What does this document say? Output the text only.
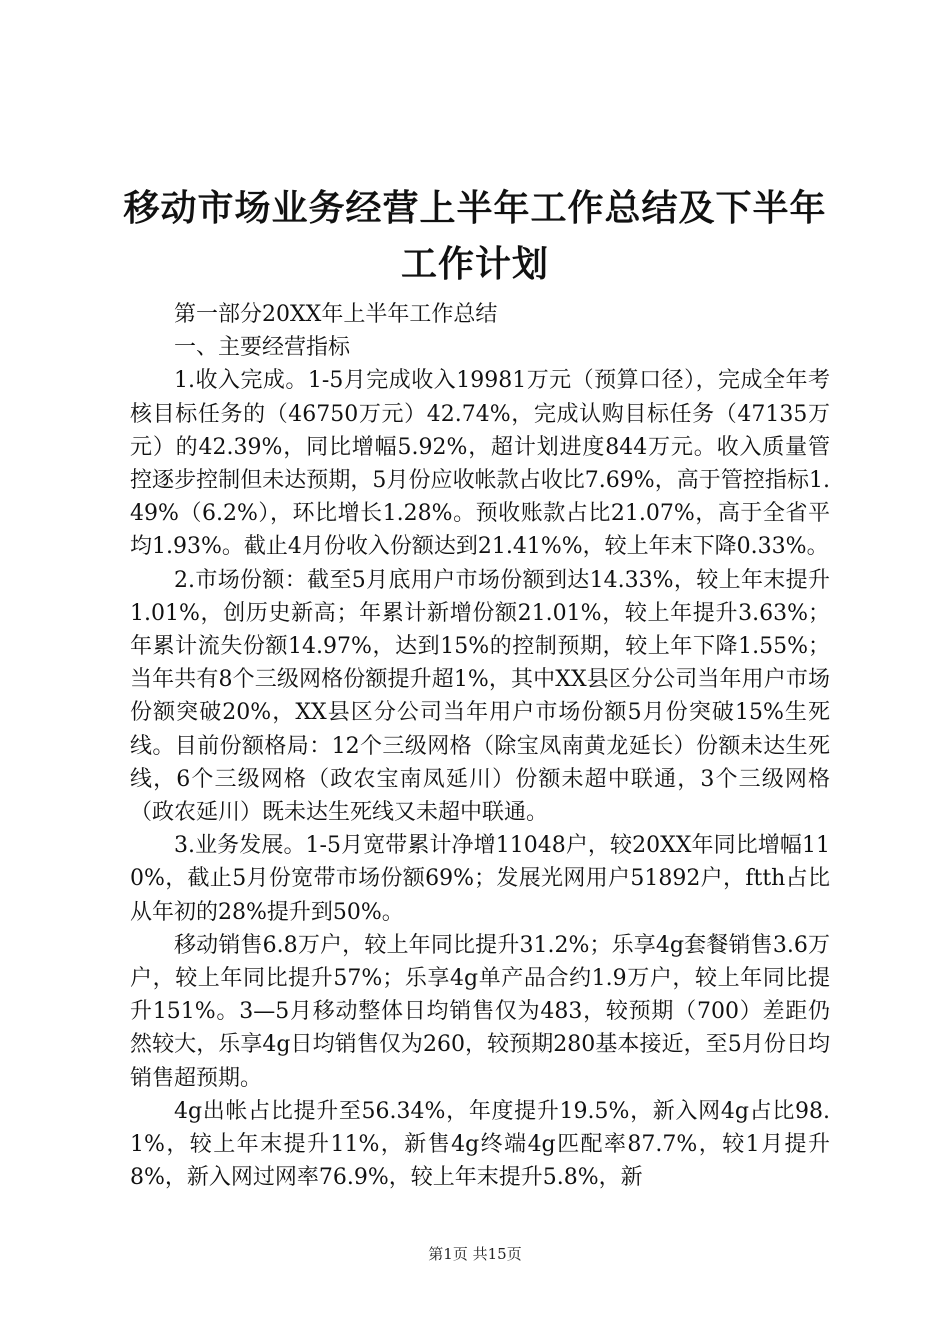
移动市场业务经营上半年工作总结及下半年工作计划

第一部分20XX年上半年工作总结

一、主要经营指标

1.收入完成。1-5月完成收入19981万元（预算口径），完成全年考核目标任务的（46750万元）42.74%，完成认购目标任务（47135万元）的42.39%，同比增幅5.92%，超计划进度844万元。收入质量管控逐步控制但未达预期，5月份应收帐款占收比7.69%，高于管控指标1.49%（6.2%），环比增长1.28%。预收账款占比21.07%，高于全省平均1.93%。截止4月份收入份额达到21.41%%，较上年末下降0.33%。

2.市场份额：截至5月底用户市场份额到达14.33%，较上年末提升1.01%，创历史新高；年累计新增份额21.01%，较上年提升3.63%；年累计流失份额14.97%，达到15%的控制预期，较上年下降1.55%；当年共有8个三级网格份额提升超1%，其中XX县区分公司当年用户市场份额突破20%，XX县区分公司当年用户市场份额5月份突破15%生死线。目前份额格局：12个三级网格（除宝凤南黄龙延长）份额未达生死线，6个三级网格（政农宝南凤延川）份额未超中联通，3个三级网格（政农延川）既未达生死线又未超中联通。

3.业务发展。1-5月宽带累计净增11048户，较20XX年同比增幅110%，截止5月份宽带市场份额69%；发展光网用户51892户，ftth占比从年初的28%提升到50%。

移动销售6.8万户，较上年同比提升31.2%；乐享4g套餐销售3.6万户，较上年同比提升57%；乐享4g单产品合约1.9万户，较上年同比提升151%。3—5月移动整体日均销售仅为483，较预期（700）差距仍然较大，乐享4g日均销售仅为260，较预期280基本接近，至5月份日均销售超预期。

4g出帐占比提升至56.34%，年度提升19.5%，新入网4g占比98.1%，较上年末提升11%，新售4g终端4g匹配率87.7%，较1月提升8%，新入网过网率76.9%，较上年末提升5.8%，新

第1页 共15页
